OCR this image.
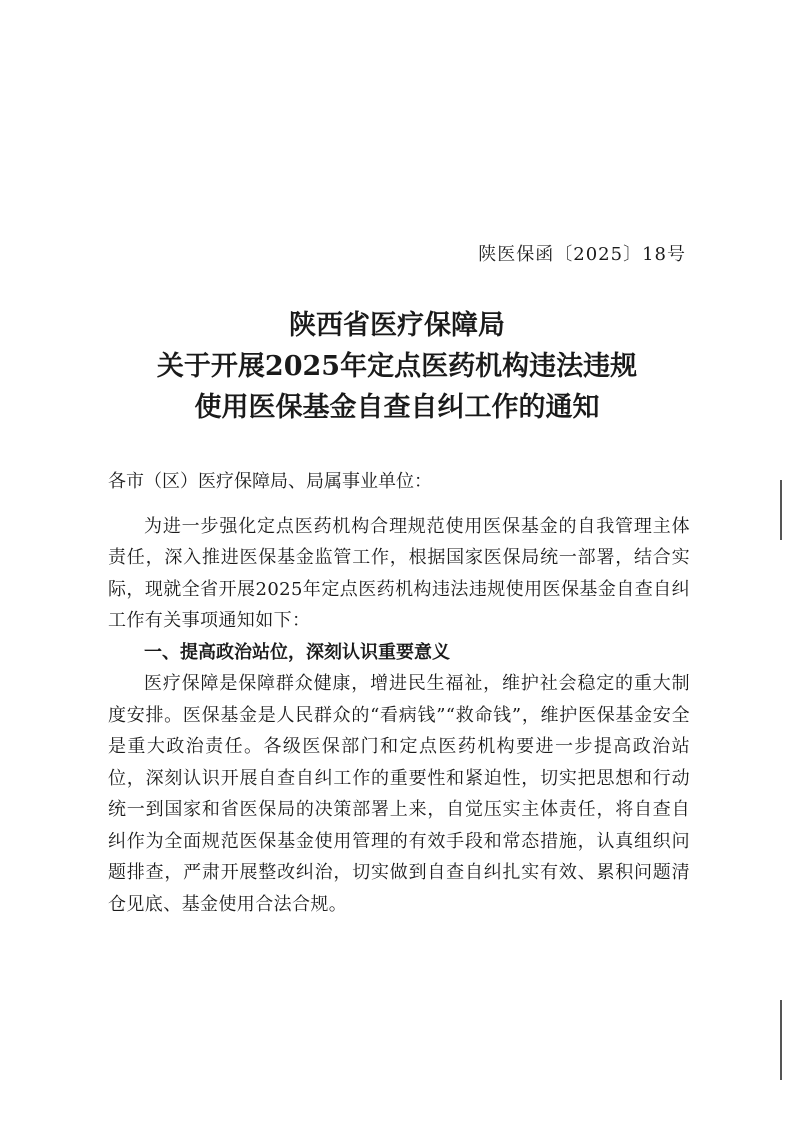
陕医保函〔2025〕18号
陕西省医疗保障局
关于开展2025年定点医药机构违法违规
使用医保基金自查自纠工作的通知

各市（区）医疗保障局、局属事业单位：

为进一步强化定点医药机构合理规范使用医保基金的自我管理主体责任，深入推进医保基金监管工作，根据国家医保局统一部署，结合实际，现就全省开展2025年定点医药机构违法违规使用医保基金自查自纠工作有关事项通知如下：

一、提高政治站位，深刻认识重要意义

医疗保障是保障群众健康，增进民生福祉，维护社会稳定的重大制度安排。医保基金是人民群众的“看病钱”“救命钱”，维护医保基金安全是重大政治责任。各级医保部门和定点医药机构要进一步提高政治站位，深刻认识开展自查自纠工作的重要性和紧迫性，切实把思想和行动统一到国家和省医保局的决策部署上来，自觉压实主体责任，将自查自纠作为全面规范医保基金使用管理的有效手段和常态措施，认真组织问题排查，严肃开展整改纠治，切实做到自查自纠扎实有效、累积问题清仓见底、基金使用合法合规。
